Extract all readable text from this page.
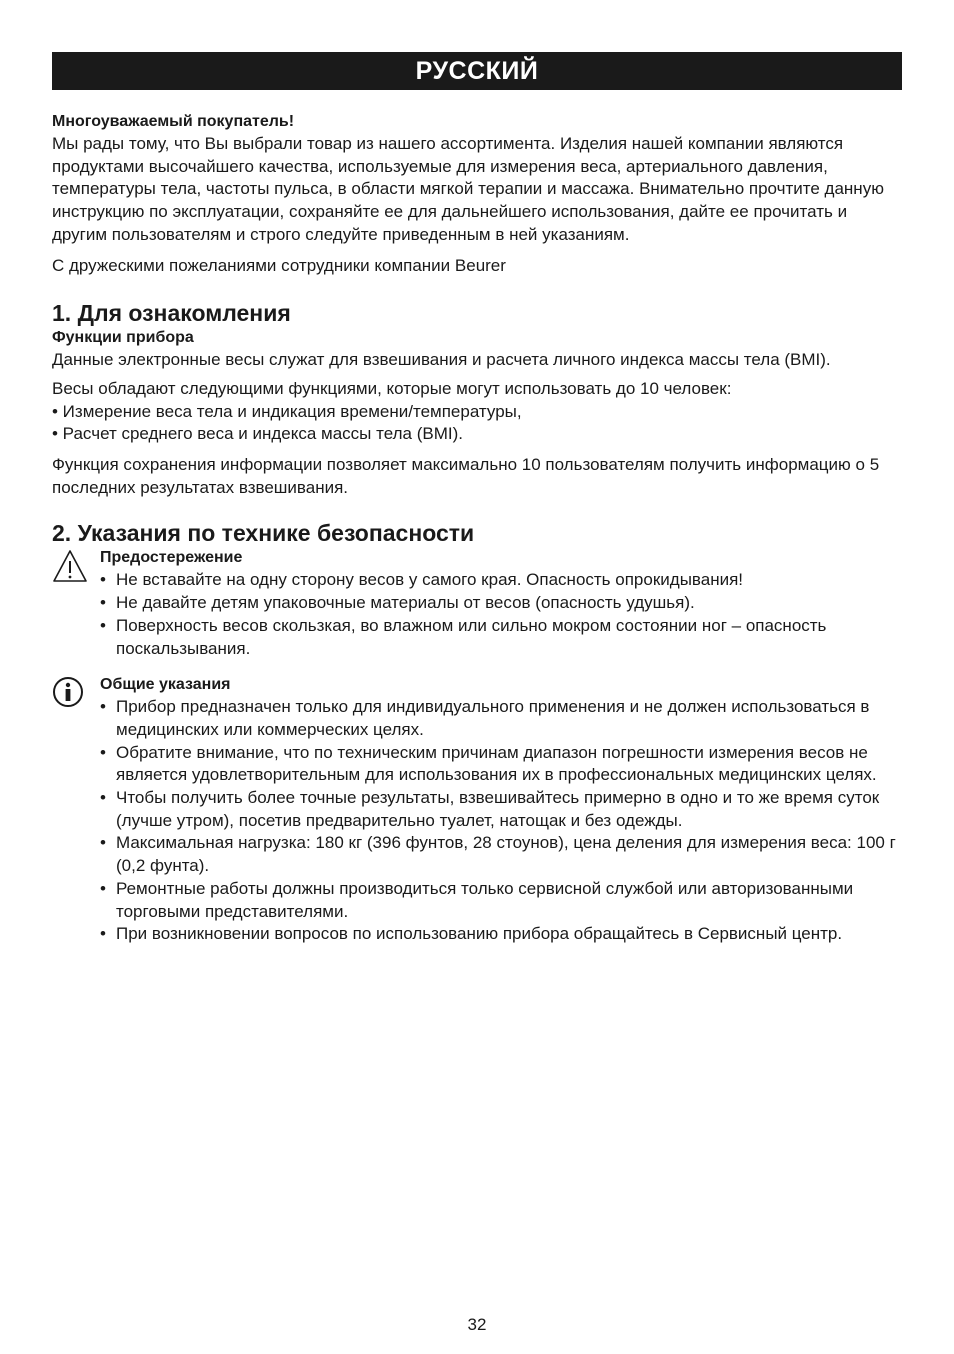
РУССКИЙ
Многоуважаемый покупатель!

Мы рады тому, что Вы выбрали товар из нашего ассортимента. Изделия нашей компании являются продуктами высочайшего качества, используемые для измерения веса, артериального давления, температуры тела, частоты пульса, в области мягкой терапии и массажа. Внимательно прочтите данную инструкцию по эксплуатации, сохраняйте ее для дальнейшего использования, дайте ее прочитать и другим пользователям и строго следуйте приведенным в ней указаниям.

С дружескими пожеланиями сотрудники компании Beurer

1. Для ознакомления
Функции прибора

Данные электронные весы служат для взвешивания и расчета личного индекса массы тела (BMI).

Весы обладают следующими функциями, которые могут использовать до 10 человек:

• Измерение веса тела и индикация времени/температуры,
• Расчет среднего веса и индекса массы тела (BMI).

Функция сохранения информации позволяет максимально 10 пользователям получить информацию о 5 последних результатах взвешивания.

2. Указания по технике безопасности
Предостережение
• Не вставайте на одну сторону весов у самого края. Опасность опрокидывания!
• Не давайте детям упаковочные материалы от весов (опасность удушья).
• Поверхность весов скользкая, во влажном или сильно мокром состоянии ног – опасность поскальзывания.
Общие указания
• Прибор предназначен только для индивидуального применения и не должен использоваться в медицинских или коммерческих целях.
• Обратите внимание, что по техническим причинам диапазон погрешности измерения весов не является удовлетворительным для использования их в профессиональных медицинских целях.
• Чтобы получить более точные результаты, взвешивайтесь примерно в одно и то же время суток (лучше утром), посетив предварительно туалет, натощак и без одежды.
• Максимальная нагрузка: 180 кг (396 фунтов, 28 стоунов), цена деления для измерения веса: 100 г (0,2 фунта).
• Ремонтные работы должны производиться только сервисной службой или авторизованными торговыми представителями.
• При возникновении вопросов по использованию прибора обращайтесь в Сервисный центр.
32
